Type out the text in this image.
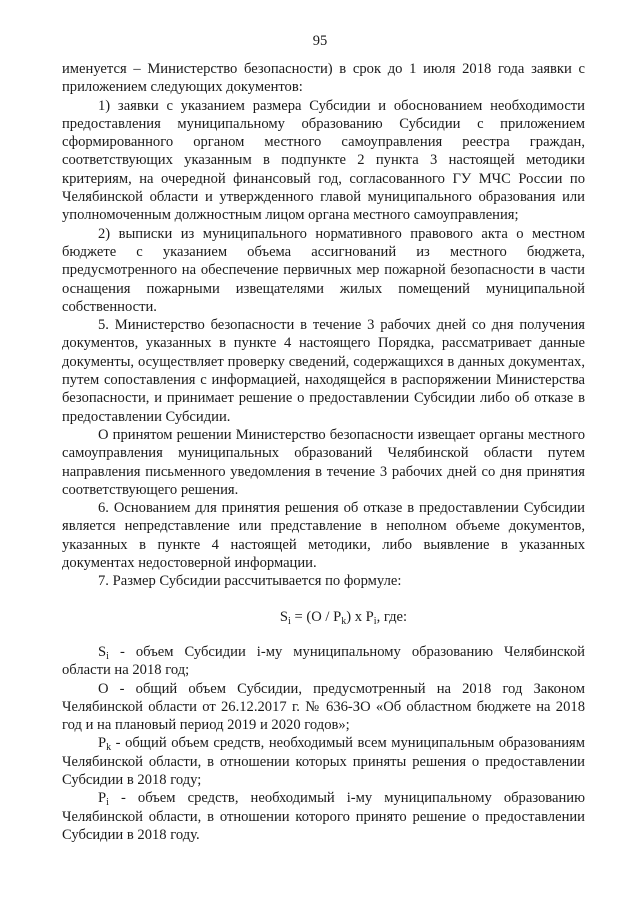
95

именуется – Министерство безопасности) в срок до 1 июля 2018 года заявки с приложением следующих документов:

1) заявки с указанием размера Субсидии и обоснованием необходимости предоставления муниципальному образованию Субсидии с приложением сформированного органом местного самоуправления реестра граждан, соответствующих указанным в подпункте 2 пункта 3 настоящей методики критериям, на очередной финансовый год, согласованного ГУ МЧС России по Челябинской области и утвержденного главой муниципального образования или уполномоченным должностным лицом органа местного самоуправления;

2) выписки из муниципального нормативного правового акта о местном бюджете с указанием объема ассигнований из местного бюджета, предусмотренного на обеспечение первичных мер пожарной безопасности в части оснащения пожарными извещателями жилых помещений муниципальной собственности.

5. Министерство безопасности в течение 3 рабочих дней со дня получения документов, указанных в пункте 4 настоящего Порядка, рассматривает данные документы, осуществляет проверку сведений, содержащихся в данных документах, путем сопоставления с информацией, находящейся в распоряжении Министерства безопасности, и принимает решение о предоставлении Субсидии либо об отказе в предоставлении Субсидии.

О принятом решении Министерство безопасности извещает органы местного самоуправления муниципальных образований Челябинской области путем направления письменного уведомления в течение 3 рабочих дней со дня принятия соответствующего решения.

6. Основанием для принятия решения об отказе в предоставлении Субсидии является непредставление или представление в неполном объеме документов, указанных в пункте 4 настоящей методики, либо выявление в указанных документах недостоверной информации.

7. Размер Субсидии рассчитывается по формуле:

$S_i = (О / Р_k)$ х $Р_i$, где:

$S_i$ - объем Субсидии i-му муниципальному образованию Челябинской области на 2018 год;

О - общий объем Субсидии, предусмотренный на 2018 год Законом Челябинской области от 26.12.2017 г. № 636-ЗО «Об областном бюджете на 2018 год и на плановый период 2019 и 2020 годов»;

$Р_k$ - общий объем средств, необходимый всем муниципальным образованиям Челябинской области, в отношении которых приняты решения о предоставлении Субсидии в 2018 году;

$Р_i$ - объем средств, необходимый i-му муниципальному образованию Челябинской области, в отношении которого принято решение о предоставлении Субсидии в 2018 году.
